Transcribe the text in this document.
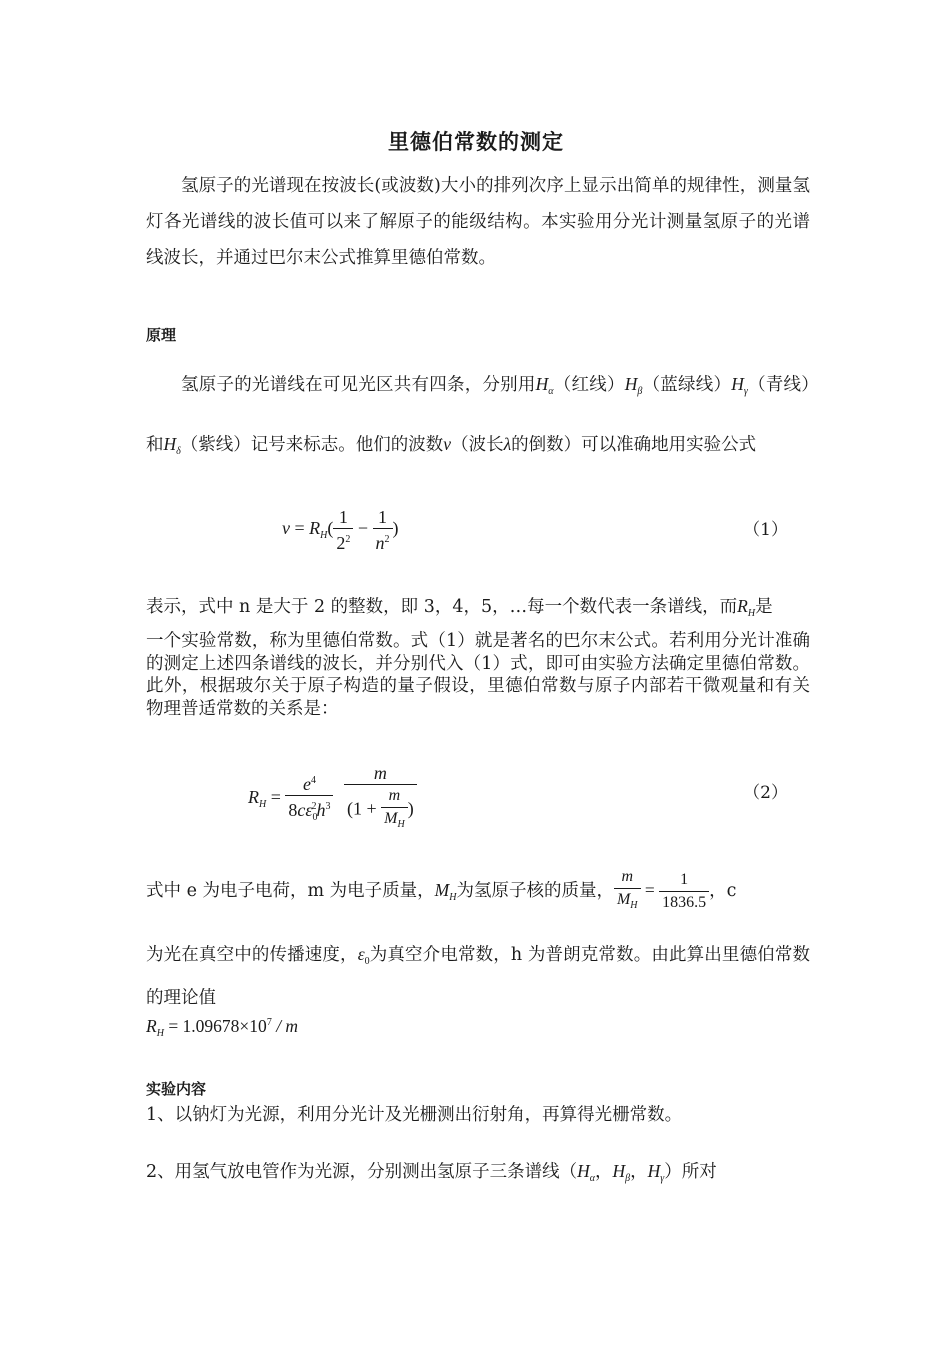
里德伯常数的测定
氢原子的光谱现在按波长(或波数)大小的排列次序上显示出简单的规律性，测量氢灯各光谱线的波长值可以来了解原子的能级结构。本实验用分光计测量氢原子的光谱线波长，并通过巴尔末公式推算里德伯常数。
原理
氢原子的光谱线在可见光区共有四条，分别用$H_\alpha$（红线）$H_\beta$（蓝绿线）$H_\gamma$（青线）和$H_\delta$（紫线）记号来标志。他们的波数ν（波长λ的倒数）可以准确地用实验公式
$\nu = R_H( \frac{1}{2^2} - \frac{1}{n^2}$ )	（1）
表示，式中 n 是大于 2 的整数，即 3，4，5，…每一个数代表一条谱线，而$R_H$是
一个实验常数，称为里德伯常数。式（1）就是著名的巴尔末公式。若利用分光计准确的测定上述四条谱线的波长，并分别代入（1）式，即可由实验方法确定里德伯常数。此外，根据玻尔关于原子构造的量子假设，里德伯常数与原子内部若干微观量和有关物理普适常数的关系是：
$R_H = \frac{e^4}{8c\varepsilon_0^2h^3}$
$\frac{m}{(1 + \frac{m}{M_H} )}$	（2）
式中 e 为电子电荷，m 为电子质量，$M_H$为氢原子核的质量， $\frac{m}{M_H} = \frac{1}{1836.5}$ ，c
为光在真空中的传播速度，$\varepsilon_0$为真空介电常数，h 为普朗克常数。由此算出里德伯常数的理论值
$R_H = 1.09678\times 10^7 / m$
实验内容
1、以钠灯为光源，利用分光计及光栅测出衍射角，再算得光栅常数。
2、用氢气放电管作为光源，分别测出氢原子三条谱线（$H_\alpha$，$H_\beta$，$H_\gamma$）所对
